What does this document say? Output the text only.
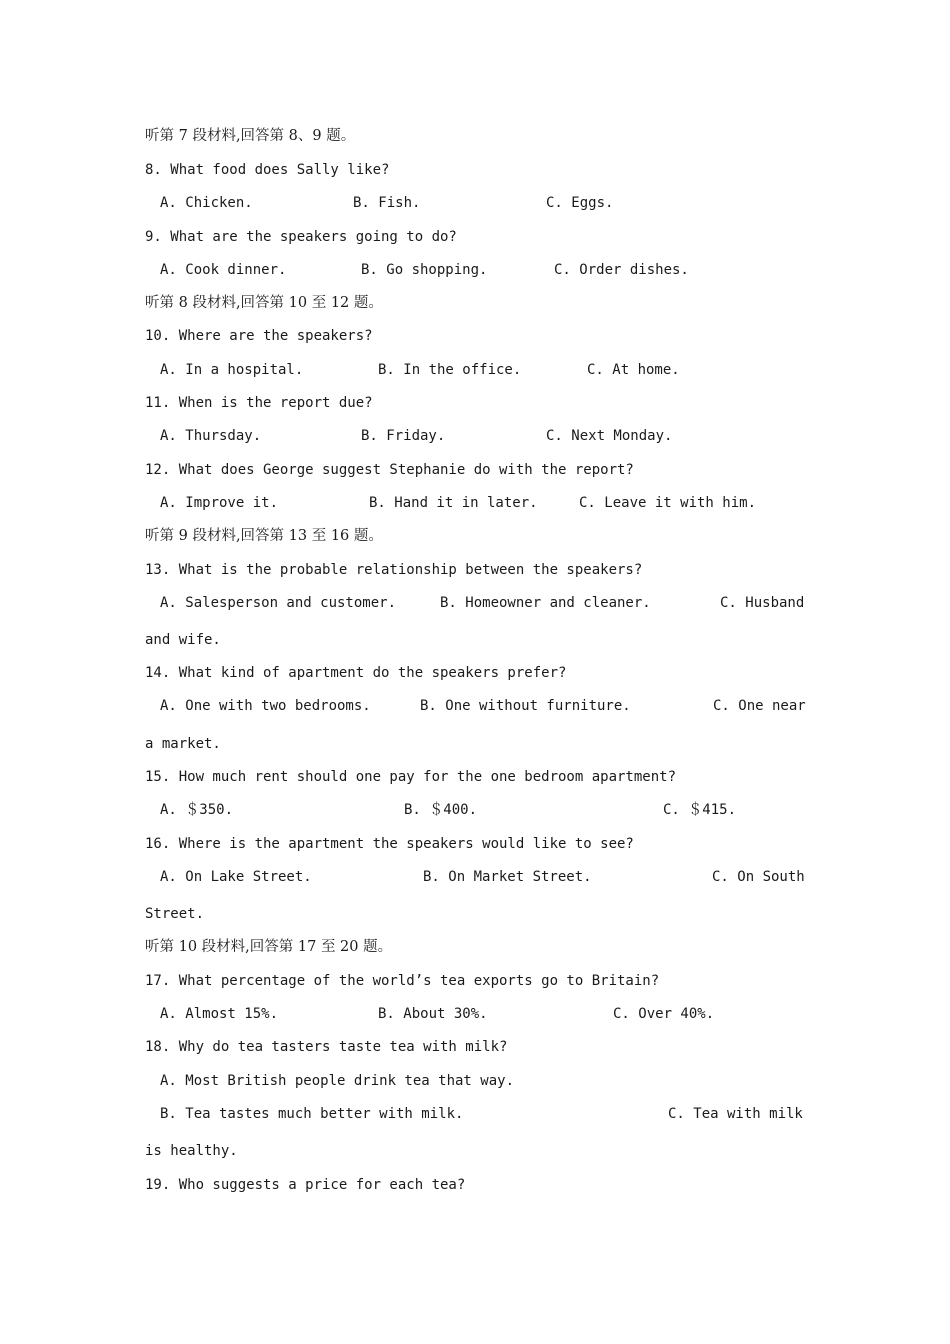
听第 7 段材料,回答第 8、9 题。
8. What food does Sally like?
A. Chicken.	B. Fish.	C. Eggs.
9. What are the speakers going to do?
A. Cook dinner.	B. Go shopping.	C. Order dishes.
听第 8 段材料,回答第 10 至 12 题。
10. Where are the speakers?
A. In a hospital.	B. In the office.	C. At home.
11. When is the report due?
A. Thursday.	B. Friday.	C. Next Monday.
12. What does George suggest Stephanie do with the report?
A. Improve it.	B. Hand it in later.	C. Leave it with him.
听第 9 段材料,回答第 13 至 16 题。
13. What is the probable relationship between the speakers?
A. Salesperson and customer.	B. Homeowner and cleaner.	C. Husband
and wife.
14. What kind of apartment do the speakers prefer?
A. One with two bedrooms.	B. One without furniture.	C. One near
a market.
15. How much rent should one pay for the one bedroom apartment?
A. ＄350.	B. ＄400.	C. ＄415.
16. Where is the apartment the speakers would like to see?
A. On Lake Street.	B. On Market Street.	C. On South
Street.
听第 10 段材料,回答第 17 至 20 题。
17. What percentage of the world’s tea exports go to Britain?
A. Almost 15%.	B. About 30%.	C. Over 40%.
18. Why do tea tasters taste tea with milk?
A. Most British people drink tea that way.
B. Tea tastes much better with milk.	C. Tea with milk
is healthy.
19. Who suggests a price for each tea?
